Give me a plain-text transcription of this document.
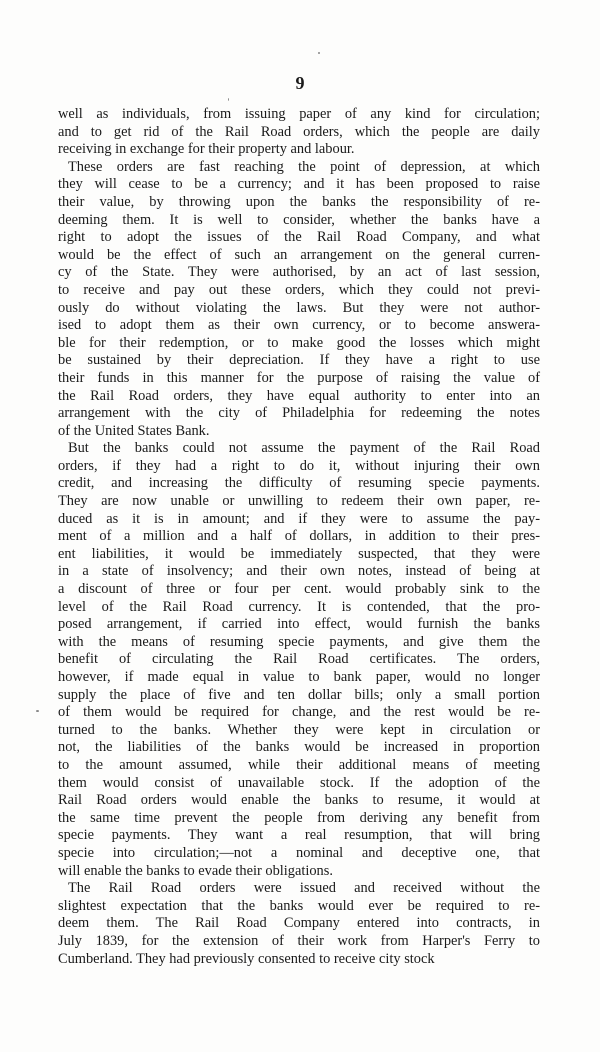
9
well as individuals, from issuing paper of any kind for circulation;
and to get rid of the Rail Road orders, which the people are daily
receiving in exchange for their property and labour.
These orders are fast reaching the point of depression, at which
they will cease to be a currency; and it has been proposed to raise
their value, by throwing upon the banks the responsibility of re-
deeming them. It is well to consider, whether the banks have a
right to adopt the issues of the Rail Road Company, and what
would be the effect of such an arrangement on the general curren-
cy of the State. They were authorised, by an act of last session,
to receive and pay out these orders, which they could not previ-
ously do without violating the laws. But they were not author-
ised to adopt them as their own currency, or to become answera-
ble for their redemption, or to make good the losses which might
be sustained by their depreciation. If they have a right to use
their funds in this manner for the purpose of raising the value of
the Rail Road orders, they have equal authority to enter into an
arrangement with the city of Philadelphia for redeeming the notes
of the United States Bank.
But the banks could not assume the payment of the Rail Road
orders, if they had a right to do it, without injuring their own
credit, and increasing the difficulty of resuming specie payments.
They are now unable or unwilling to redeem their own paper, re-
duced as it is in amount; and if they were to assume the pay-
ment of a million and a half of dollars, in addition to their pres-
ent liabilities, it would be immediately suspected, that they were
in a state of insolvency; and their own notes, instead of being at
a discount of three or four per cent. would probably sink to the
level of the Rail Road currency. It is contended, that the pro-
posed arrangement, if carried into effect, would furnish the banks
with the means of resuming specie payments, and give them the
benefit of circulating the Rail Road certificates. The orders,
however, if made equal in value to bank paper, would no longer
supply the place of five and ten dollar bills; only a small portion
of them would be required for change, and the rest would be re-
turned to the banks. Whether they were kept in circulation or
not, the liabilities of the banks would be increased in proportion
to the amount assumed, while their additional means of meeting
them would consist of unavailable stock. If the adoption of the
Rail Road orders would enable the banks to resume, it would at
the same time prevent the people from deriving any benefit from
specie payments. They want a real resumption, that will bring
specie into circulation;—not a nominal and deceptive one, that
will enable the banks to evade their obligations.
The Rail Road orders were issued and received without the
slightest expectation that the banks would ever be required to re-
deem them. The Rail Road Company entered into contracts, in
July 1839, for the extension of their work from Harper's Ferry to
Cumberland. They had previously consented to receive city stock
